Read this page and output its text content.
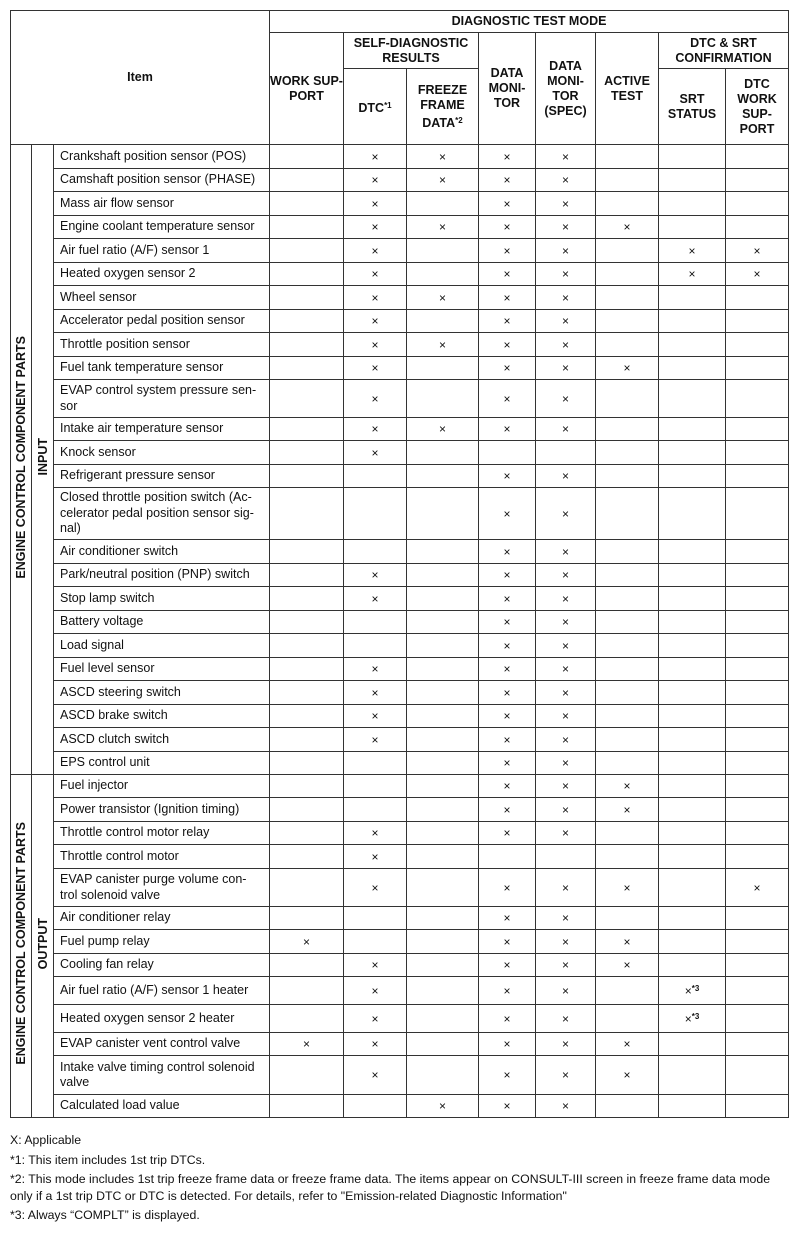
Item			DIAGNOSTIC TEST MODE							
			WORK SUP- PORT	SELF-DIAGNOSTIC RESULTS		DATA MONI- TOR	DATA MONI- TOR (SPEC)	ACTIVE TEST	DTC & SRT CONFIRMATION	
				DTC$^{*1}$	FREEZE FRAME DATA$^{*2}$				SRT STATUS	DTC WORK SUP- PORT
ENGINE CONTROL COMPONENT PARTS	INPUT	Crankshaft position sensor (POS)		×	×	×	×			
		Camshaft position sensor (PHASE)		×	×	×	×			
		Mass air flow sensor		×		×	×			
		Engine coolant temperature sensor		×	×	×	×	×		
		Air fuel ratio (A/F) sensor 1		×		×	×		×	×
		Heated oxygen sensor 2		×		×	×		×	×
		Wheel sensor		×	×	×	×			
		Accelerator pedal position sensor		×		×	×			
		Throttle position sensor		×	×	×	×			
		Fuel tank temperature sensor		×		×	×	×		
		EVAP control system pressure sen- sor		×		×	×			
		Intake air temperature sensor		×	×	×	×			
		Knock sensor		×						
		Refrigerant pressure sensor				×	×			
		Closed throttle position switch (Ac- celerator pedal position sensor sig- nal)				×	×			
		Air conditioner switch				×	×			
		Park/neutral position (PNP) switch		×		×	×			
		Stop lamp switch		×		×	×			
		Battery voltage				×	×			
		Load signal				×	×			
		Fuel level sensor		×		×	×			
		ASCD steering switch		×		×	×			
		ASCD brake switch		×		×	×			
		ASCD clutch switch		×		×	×			
		EPS control unit				×	×			
ENGINE CONTROL COMPONENT PARTS	OUTPUT	Fuel injector				×	×	×		
		Power transistor (Ignition timing)				×	×	×		
		Throttle control motor relay		×		×	×			
		Throttle control motor		×						
		EVAP canister purge volume con- trol solenoid valve		×		×	×	×		×
		Air conditioner relay				×	×			
		Fuel pump relay	×			×	×	×		
		Cooling fan relay		×		×	×	×		
		Air fuel ratio (A/F) sensor 1 heater		×		×	×		×$^{*3}$	
		Heated oxygen sensor 2 heater		×		×	×		×$^{*3}$	
		EVAP canister vent control valve	×	×		×	×	×		
		Intake valve timing control solenoid valve		×		×	×	×		
		Calculated load value			×	×	×			
X: Applicable
*1: This item includes 1st trip DTCs.
*2: This mode includes 1st trip freeze frame data or freeze frame data. The items appear on CONSULT-III screen in freeze frame data mode only if a 1st trip DTC or DTC is detected. For details, refer to "Emission-related Diagnostic Information"
*3: Always “COMPLT” is displayed.
